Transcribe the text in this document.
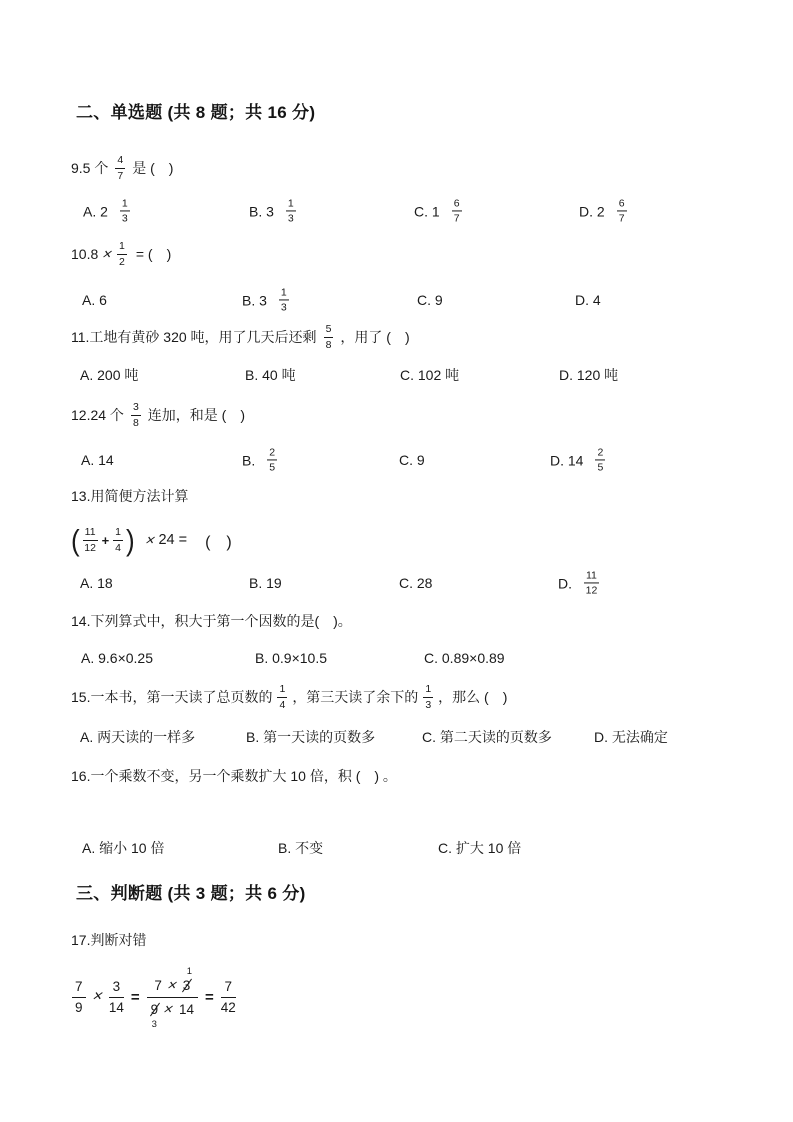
二、单选题 (共 8 题；共 16 分)
9.5 个 $\frac{4}{7}$ 是 (　)
A. $2 \frac{1}{3}$	B. $3 \frac{1}{3}$	C. $1 \frac{6}{7}$	D. $2 \frac{6}{7}$
$10.8 \times \frac{1}{2}$ = (　)
A. 6	B. $3 \frac{1}{3}$	C. 9	D. 4
11.工地有黄砂 320 吨，用了几天后还剩 $\frac{5}{8}$ ，用了 (　)
A. 200 吨	B. 40 吨	C. 102 吨	D. 120 吨
12.24 个 $\frac{3}{8}$ 连加，和是 (　)
A. 14	B. $\frac{2}{5}$	C. 9	D. $14 \frac{2}{5}$
13.用简便方法计算
( $\frac{11}{12} + \frac{1}{4}$ ) × 24 = (　)
A. 18	B. 19	C. 28	D. $\frac{11}{12}$
14.下列算式中，积大于第一个因数的是(　)。
A. 9.6×0.25	B. 0.9×10.5	C. 0.89×0.89
15.一本书，第一天读了总页数的 $\frac{1}{4}$ ，第三天读了余下的 $\frac{1}{3}$ ，那么 (　)
A. 两天读的一样多	B. 第一天读的页数多	C. 第二天读的页数多	D. 无法确定
16.一个乘数不变，另一个乘数扩大 10 倍，积 (　) 。
A. 缩小 10 倍	B. 不变	C. 扩大 10 倍
三、判断题 (共 3 题；共 6 分)
17.判断对错
$\frac{7}{9} \times \frac{3}{14} = 7 \times 3$
1
9
3
× $14 = \frac{7}{42}$
